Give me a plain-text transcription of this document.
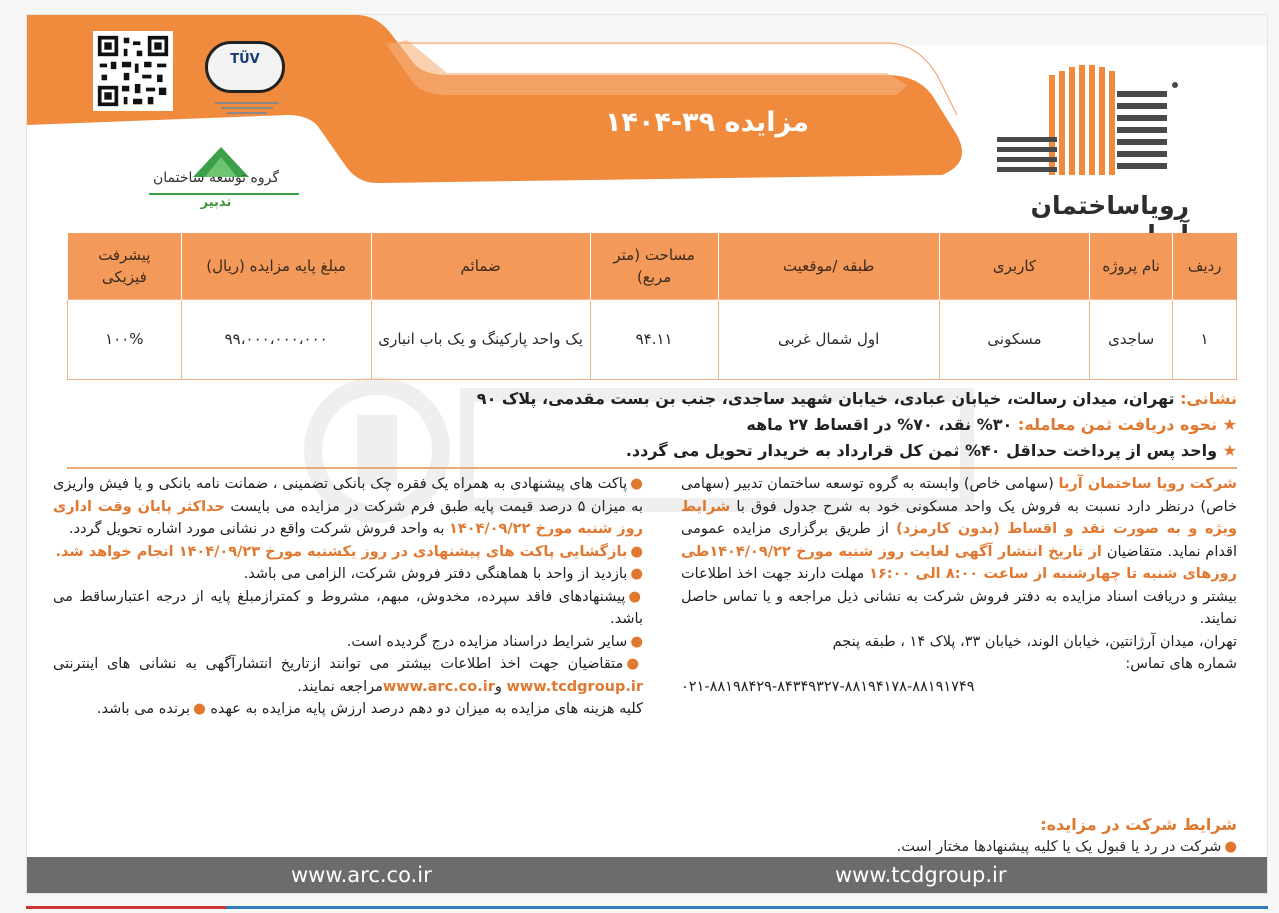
مزایده ۳۹-۱۴۰۴
رویاساختمان
TÜV
گروه توسعه ساختمان
تدبیر
ردیف	نام پروژه	کاربری	طبقه /موقعیت	مساحت (متر مربع)	ضمائم	مبلغ پایه مزایده (ریال)	پیشرفت فیزیکی
۱	ساجدی	مسکونی	اول شمال غربی	۹۴.۱۱	یک واحد پارکینگ و یک باب انباری	۹۹،۰۰۰،۰۰۰،۰۰۰	۱۰۰%
نشانی: تهران، میدان رسالت، خیابان عبادی، خیابان شهید ساجدی، جنب بن بست مقدمی، پلاک ۹۰
★ نحوه دریافت ثمن معامله: ۳۰% نقد، ۷۰% در اقساط ۲۷ ماهه
★ واحد پس از پرداخت حداقل ۴۰% ثمن کل قرارداد به خریدار تحویل می گردد.

شرکت رویا ساختمان آریا (سهامی خاص) وابسته به گروه توسعه ساختمان تدبیر (سهامی خاص) درنظر دارد نسبت به فروش یک واحد مسکونی خود به شرح جدول فوق با شرایط ویژه و به صورت نقد و اقساط (بدون کارمزد) از طریق برگزاری مزایده عمومی اقدام نماید. متقاضیان از تاریخ انتشار آگهی لغایت روز شنبه مورخ ۱۴۰۴/۰۹/۲۲طی روزهای شنبه تا چهارشنبه از ساعت ۸:۰۰ الی ۱۶:۰۰ مهلت دارند جهت اخذ اطلاعات بیشتر و دریافت اسناد مزایده به دفتر فروش شرکت به نشانی ذیل مراجعه و یا تماس حاصل نمایند.

تهران، میدان آرژانتین، خیابان الوند، خیابان ۳۳، پلاک ۱۴ ، طبقه پنجم

شماره های تماس:

۰۲۱-۸۸۱۹۸۴۲۹-۸۴۳۴۹۳۲۷-۸۸۱۹۴۱۷۸-۸۸۱۹۱۷۴۹

●پاکت های پیشنهادی به همراه یک فقره چک بانکی تضمینی ، ضمانت نامه بانکی و یا فیش واریزی به میزان ۵ درصد قیمت پایه طبق فرم شرکت در مزایده می بایست حداکثر پایان وقت اداری روز شنبه مورخ ۱۴۰۴/۰۹/۲۲ به واحد فروش شرکت واقع در نشانی مورد اشاره تحویل گردد.

●بازگشایی پاکت های پیشنهادی در روز یکشنبه مورخ ۱۴۰۴/۰۹/۲۳ انجام خواهد شد.

●بازدید از واحد با هماهنگی دفتر فروش شرکت، الزامی می باشد.

●پیشنهادهای فاقد سپرده، مخدوش، مبهم، مشروط و کمترازمبلغ پایه از درجه اعتبارساقط می باشد.

●سایر شرایط دراسناد مزایده درج گردیده است.

●متقاضیان جهت اخذ اطلاعات بیشتر می توانند ازتاریخ انتشارآگهی به نشانی های اینترنتی www.tcdgroup.ir وwww.arc.co.irمراجعه نمایند.

کلیه هزینه های مزایده به میزان دو دهم درصد ارزش پایه مزایده به عهده ●برنده می باشد.

شرایط شرکت در مزایده:
●شرکت در رد یا قبول یک یا کلیه پیشنهادها مختار است.
www.arc.co.ir	www.tcdgroup.ir
